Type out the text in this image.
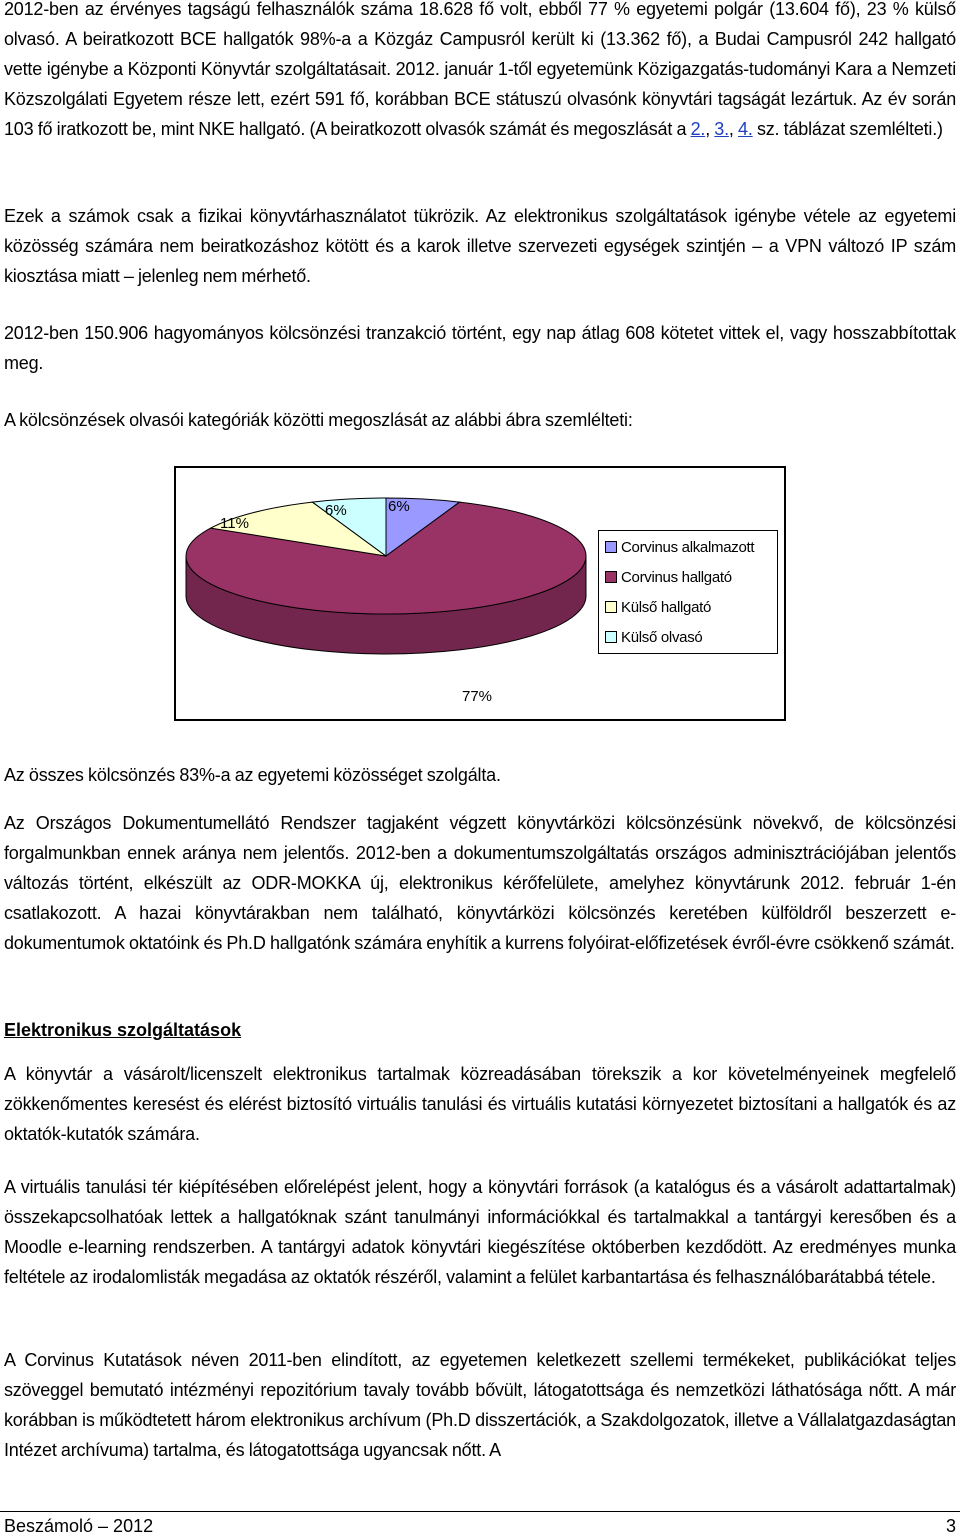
2012-ben az érvényes tagságú felhasználók száma 18.628 fő volt, ebből 77 % egyetemi polgár (13.604 fő), 23 % külső olvasó. A beiratkozott BCE hallgatók 98%-a a Közgáz Campusról került ki (13.362 fő), a Budai Campusról 242 hallgató vette igénybe a Központi Könyvtár szolgáltatásait. 2012. január 1-től egyetemünk Közigazgatás-tudományi Kara a Nemzeti Közszolgálati Egyetem része lett, ezért 591 fő, korábban BCE státuszú olvasónk könyvtári tagságát lezártuk. Az év során 103 fő iratkozott be, mint NKE hallgató. (A beiratkozott olvasók számát és megoszlását a 2., 3., 4. sz. táblázat szemlélteti.)
Ezek a számok csak a fizikai könyvtárhasználatot tükrözik. Az elektronikus szolgáltatások igénybe vétele az egyetemi közösség számára nem beiratkozáshoz kötött és a karok illetve szervezeti egységek szintjén – a VPN változó IP szám kiosztása miatt – jelenleg nem mérhető.
2012-ben 150.906 hagyományos kölcsönzési tranzakció történt, egy nap átlag 608 kötetet vittek el, vagy hosszabbítottak meg.
A kölcsönzések olvasói kategóriák közötti megoszlását az alábbi ábra szemlélteti:
6%
77%
11%
6%
Corvinus alkalmazott
Corvinus hallgató
Külső hallgató
Külső olvasó
Az összes kölcsönzés 83%-a az egyetemi közösséget szolgálta.
Az Országos Dokumentumellátó Rendszer tagjaként végzett könyvtárközi kölcsönzésünk növekvő, de kölcsönzési forgalmunkban ennek aránya nem jelentős. 2012-ben a dokumentumszolgáltatás országos adminisztrációjában jelentős változás történt, elkészült az ODR-MOKKA új, elektronikus kérőfelülete, amelyhez könyvtárunk 2012. február 1-én csatlakozott. A hazai könyvtárakban nem található, könyvtárközi kölcsönzés keretében külföldről beszerzett e-dokumentumok oktatóink és Ph.D hallgatónk számára enyhítik a kurrens folyóirat-előfizetések évről-évre csökkenő számát.
Elektronikus szolgáltatások
A könyvtár a vásárolt/licenszelt elektronikus tartalmak közreadásában törekszik a kor követelményeinek megfelelő zökkenőmentes keresést és elérést biztosító virtuális tanulási és virtuális kutatási környezetet biztosítani a hallgatók és az oktatók-kutatók számára.
A virtuális tanulási tér kiépítésében előrelépést jelent, hogy a könyvtári források (a katalógus és a vásárolt adattartalmak) összekapcsolhatóak lettek a hallgatóknak szánt tanulmányi információkkal és tartalmakkal a tantárgyi keresőben és a Moodle e-learning rendszerben. A tantárgyi adatok könyvtári kiegészítése októberben kezdődött. Az eredményes munka feltétele az irodalomlisták megadása az oktatók részéről, valamint a felület karbantartása és felhasználóbarátabbá tétele.
A Corvinus Kutatások néven 2011-ben elindított, az egyetemen keletkezett szellemi termékeket, publikációkat teljes szöveggel bemutató intézményi repozitórium tavaly tovább bővült, látogatottsága és nemzetközi láthatósága nőtt. A már korábban is működtetett három elektronikus archívum (Ph.D disszertációk, a Szakdolgozatok, illetve a Vállalatgazdaságtan Intézet archívuma) tartalma, és látogatottsága ugyancsak nőtt. A
Beszámoló – 2012	3
